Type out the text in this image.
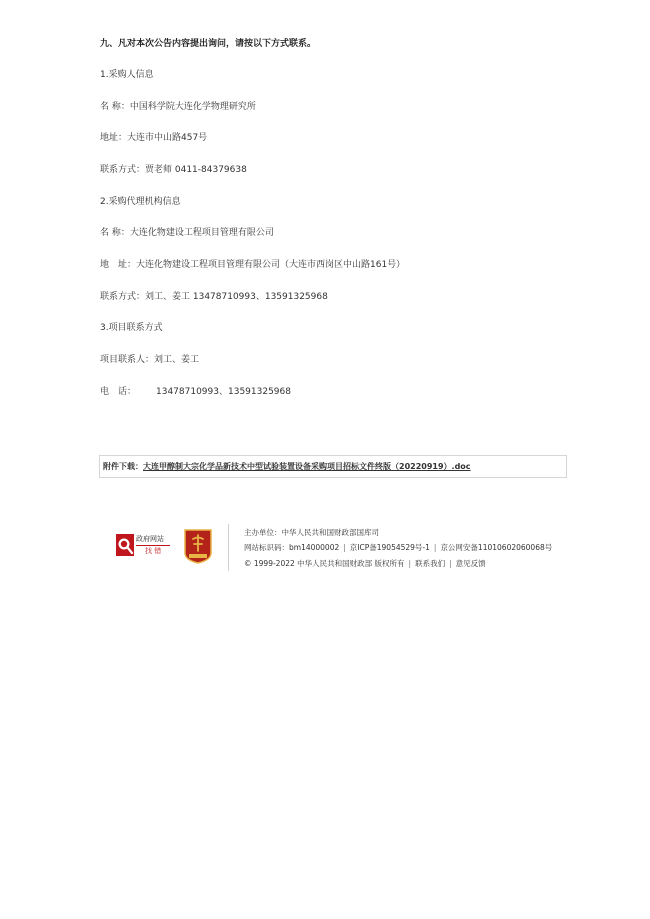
九、凡对本次公告内容提出询问，请按以下方式联系。
1.采购人信息
名 称：中国科学院大连化学物理研究所
地址：大连市中山路457号
联系方式：贾老师 0411-84379638
2.采购代理机构信息
名 称：大连化物建设工程项目管理有限公司
地　址：大连化物建设工程项目管理有限公司（大连市西岗区中山路161号）
联系方式：刘工、姜工 13478710993、13591325968
3.项目联系方式
项目联系人：刘工、姜工
电　话： 13478710993、13591325968
附件下载：大连甲醇制大宗化学品新技术中型试验装置设备采购项目招标文件终版（20220919）.doc
政府网站
找 错
主办单位：中华人民共和国财政部国库司
网站标识码：bm14000002 | 京ICP备19054529号-1 | 京公网安备11010602060068号
© 1999-2022 中华人民共和国财政部 版权所有 | 联系我们 | 意见反馈
